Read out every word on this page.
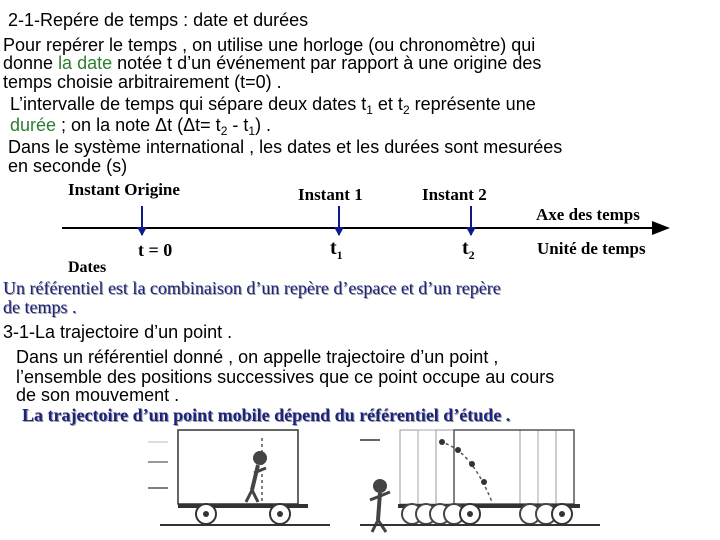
2-1-Repére de temps : date et durées
Pour repérer le temps , on utilise une horloge (ou chronomètre) qui
donne la date notée t d’un événement par rapport à une origine des
temps choisie arbitrairement (t=0) .
L’intervalle de temps qui sépare deux dates $t_1$ et $t_2$ représente une
durée ; on la note Δt $(\Delta t= t_2 - t_1)$ .
Dans le système international , les dates et les durées sont mesurées
en seconde (s)
Instant Origine	Instant 1	Instant 2
Axe des temps
t = 0	$t_1$	$t_2$	Unité de temps
Dates
Un référentiel est la combinaison d’un repère d’espace et d’un repère
de temps .
3-1-La trajectoire d’un point .
Dans un référentiel donné , on appelle trajectoire d’un point ,
l’ensemble des positions successives que ce point occupe au cours
de son mouvement .
La trajectoire d’un point mobile dépend du référentiel d’étude .
